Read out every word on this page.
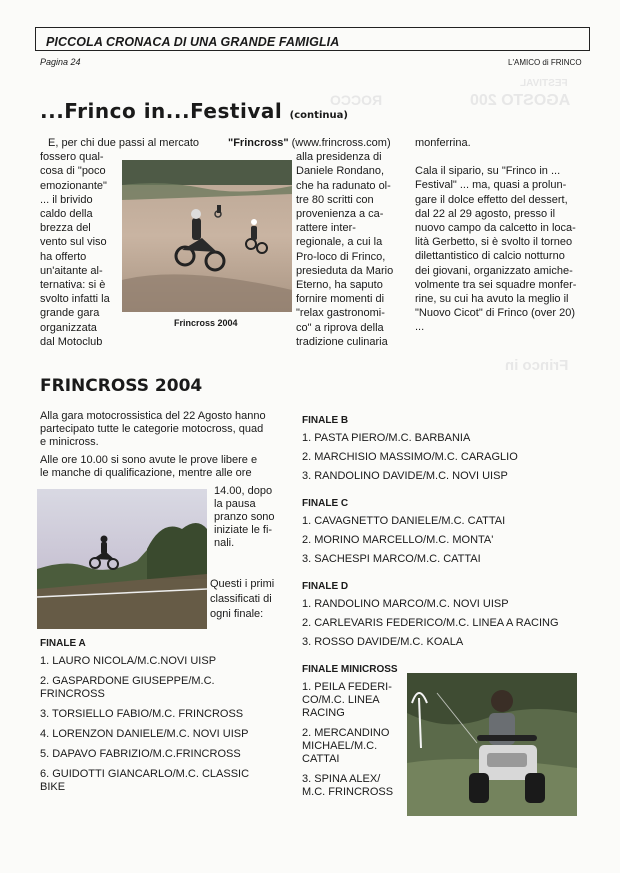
AGOSTO 200
ROCCO
FESTIVAL
Frinco in
PICCOLA CRONACA DI UNA GRANDE FAMIGLIA
Pagina 24	L'AMICO di FRINCO
...Frinco in...Festival (continua)
E, per chi due passi al mercato
fossero qual-
cosa di "poco
emozionante"
... il brivido
caldo della
brezza del
vento sul viso
ha offerto
un'aitante al-
ternativa: si è
svolto infatti la
grande gara
organizzata
dal Motoclub
Frincross 2004
"Frincross" (www.frincross.com)
alla presidenza di
Daniele Rondano,
che ha radunato ol-
tre 80 scritti con
provenienza a ca-
rattere inter-
regionale, a cui la
Pro-loco di Frinco,
presieduta da Mario
Eterno, ha saputo
fornire momenti di
"relax gastronomi-
co" a riprova della
tradizione culinaria
monferrina.
Cala il sipario, su "Frinco in ...
Festival" ... ma, quasi a prolun-
gare il dolce effetto del dessert,
dal 22 al 29 agosto, presso il
nuovo campo da calcetto in loca-
lità Gerbetto, si è svolto il torneo
dilettantistico di calcio notturno
dei giovani, organizzato amiche-
volmente tra sei squadre monfer-
rine, su cui ha avuto la meglio il
"Nuovo Cicot" di Frinco (over 20)
...
FRINCROSS 2004
Alla gara motocrossistica del 22 Agosto hanno
partecipato tutte le categorie motocross, quad
e minicross.
Alle ore 10.00 si sono avute le prove libere e
le manche di qualificazione, mentre alle ore
14.00, dopo
la pausa
pranzo sono
iniziate le fi-
nali.
Questi i primi
classificati di
ogni finale:
FINALE A
1. LAURO NICOLA/M.C.NOVI UISP
2. GASPARDONE GIUSEPPE/M.C.
FRINCROSS
3. TORSIELLO FABIO/M.C. FRINCROSS
4. LORENZON DANIELE/M.C. NOVI UISP
5. DAPAVO FABRIZIO/M.C.FRINCROSS
6. GUIDOTTI GIANCARLO/M.C. CLASSIC
BIKE
FINALE B
1. PASTA PIERO/M.C. BARBANIA
2. MARCHISIO MASSIMO/M.C. CARAGLIO
3. RANDOLINO DAVIDE/M.C. NOVI UISP
FINALE C
1. CAVAGNETTO DANIELE/M.C. CATTAI
2. MORINO MARCELLO/M.C. MONTA'
3. SACHESPI MARCO/M.C. CATTAI
FINALE D
1. RANDOLINO MARCO/M.C. NOVI UISP
2. CARLEVARIS FEDERICO/M.C. LINEA A RACING
3. ROSSO DAVIDE/M.C. KOALA
FINALE MINICROSS
1. PEILA FEDERI-
CO/M.C. LINEA
RACING
2. MERCANDINO
MICHAEL/M.C.
CATTAI
3. SPINA ALEX/
M.C. FRINCROSS
